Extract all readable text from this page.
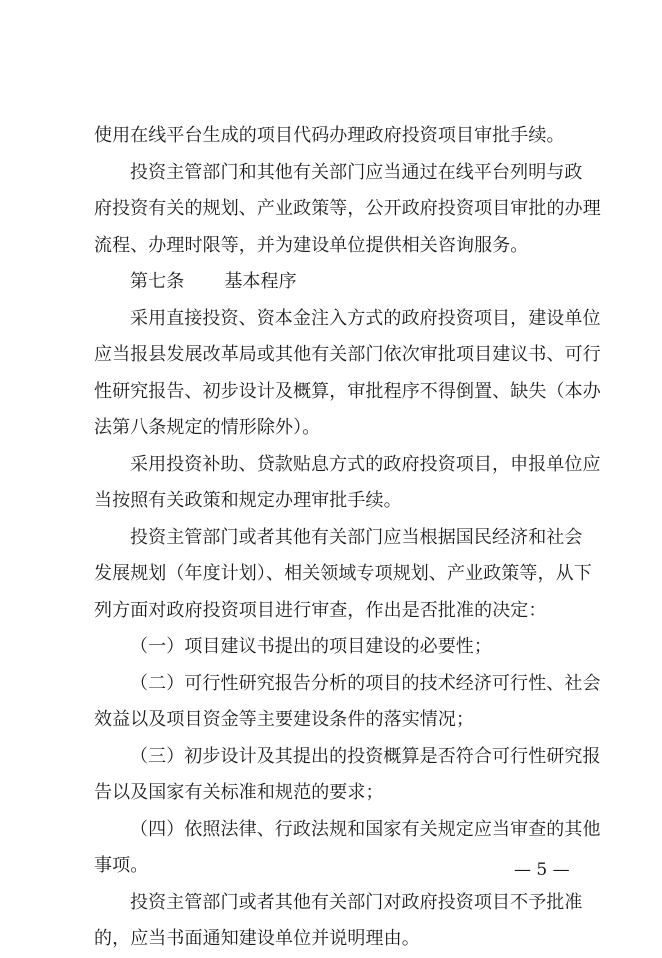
使用在线平台生成的项目代码办理政府投资项目审批手续。
投资主管部门和其他有关部门应当通过在线平台列明与政
府投资有关的规划、产业政策等，公开政府投资项目审批的办理
流程、办理时限等，并为建设单位提供相关咨询服务。
第七条 基本程序
采用直接投资、资本金注入方式的政府投资项目，建设单位
应当报县发展改革局或其他有关部门依次审批项目建议书、可行
性研究报告、初步设计及概算，审批程序不得倒置、缺失（本办
法第八条规定的情形除外）。
采用投资补助、贷款贴息方式的政府投资项目，申报单位应
当按照有关政策和规定办理审批手续。
投资主管部门或者其他有关部门应当根据国民经济和社会
发展规划（年度计划）、相关领域专项规划、产业政策等，从下
列方面对政府投资项目进行审查，作出是否批准的决定：
（一）项目建议书提出的项目建设的必要性；
（二）可行性研究报告分析的项目的技术经济可行性、社会
效益以及项目资金等主要建设条件的落实情况；
（三）初步设计及其提出的投资概算是否符合可行性研究报
告以及国家有关标准和规范的要求；
（四）依照法律、行政法规和国家有关规定应当审查的其他
事项。
投资主管部门或者其他有关部门对政府投资项目不予批准
的，应当书面通知建设单位并说明理由。
— 5 —
